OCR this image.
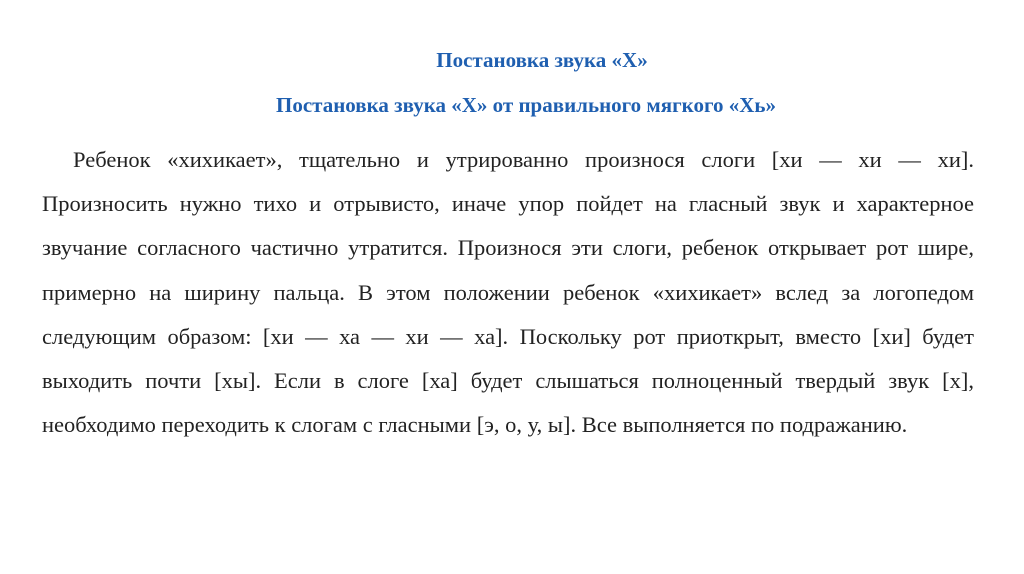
Постановка звука «Х»
Постановка звука «Х» от правильного мягкого «Хь»

Ребенок «хихикает», тщательно и утрированно произнося слоги [хи — хи — хи]. Произносить нужно тихо и отрывисто, иначе упор пойдет на гласный звук и характерное звучание согласного частично утратится. Произнося эти слоги, ребенок открывает рот шире, примерно на ширину пальца. В этом положении ребенок «хихикает» вслед за логопедом следующим образом: [хи — ха — хи — ха]. Поскольку рот приоткрыт, вместо [хи] будет выходить почти [хы]. Если в слоге [ха] будет слышаться полноценный твердый звук [х], необходимо переходить к слогам с гласными [э, о, у, ы]. Все выполняется по подражанию.
